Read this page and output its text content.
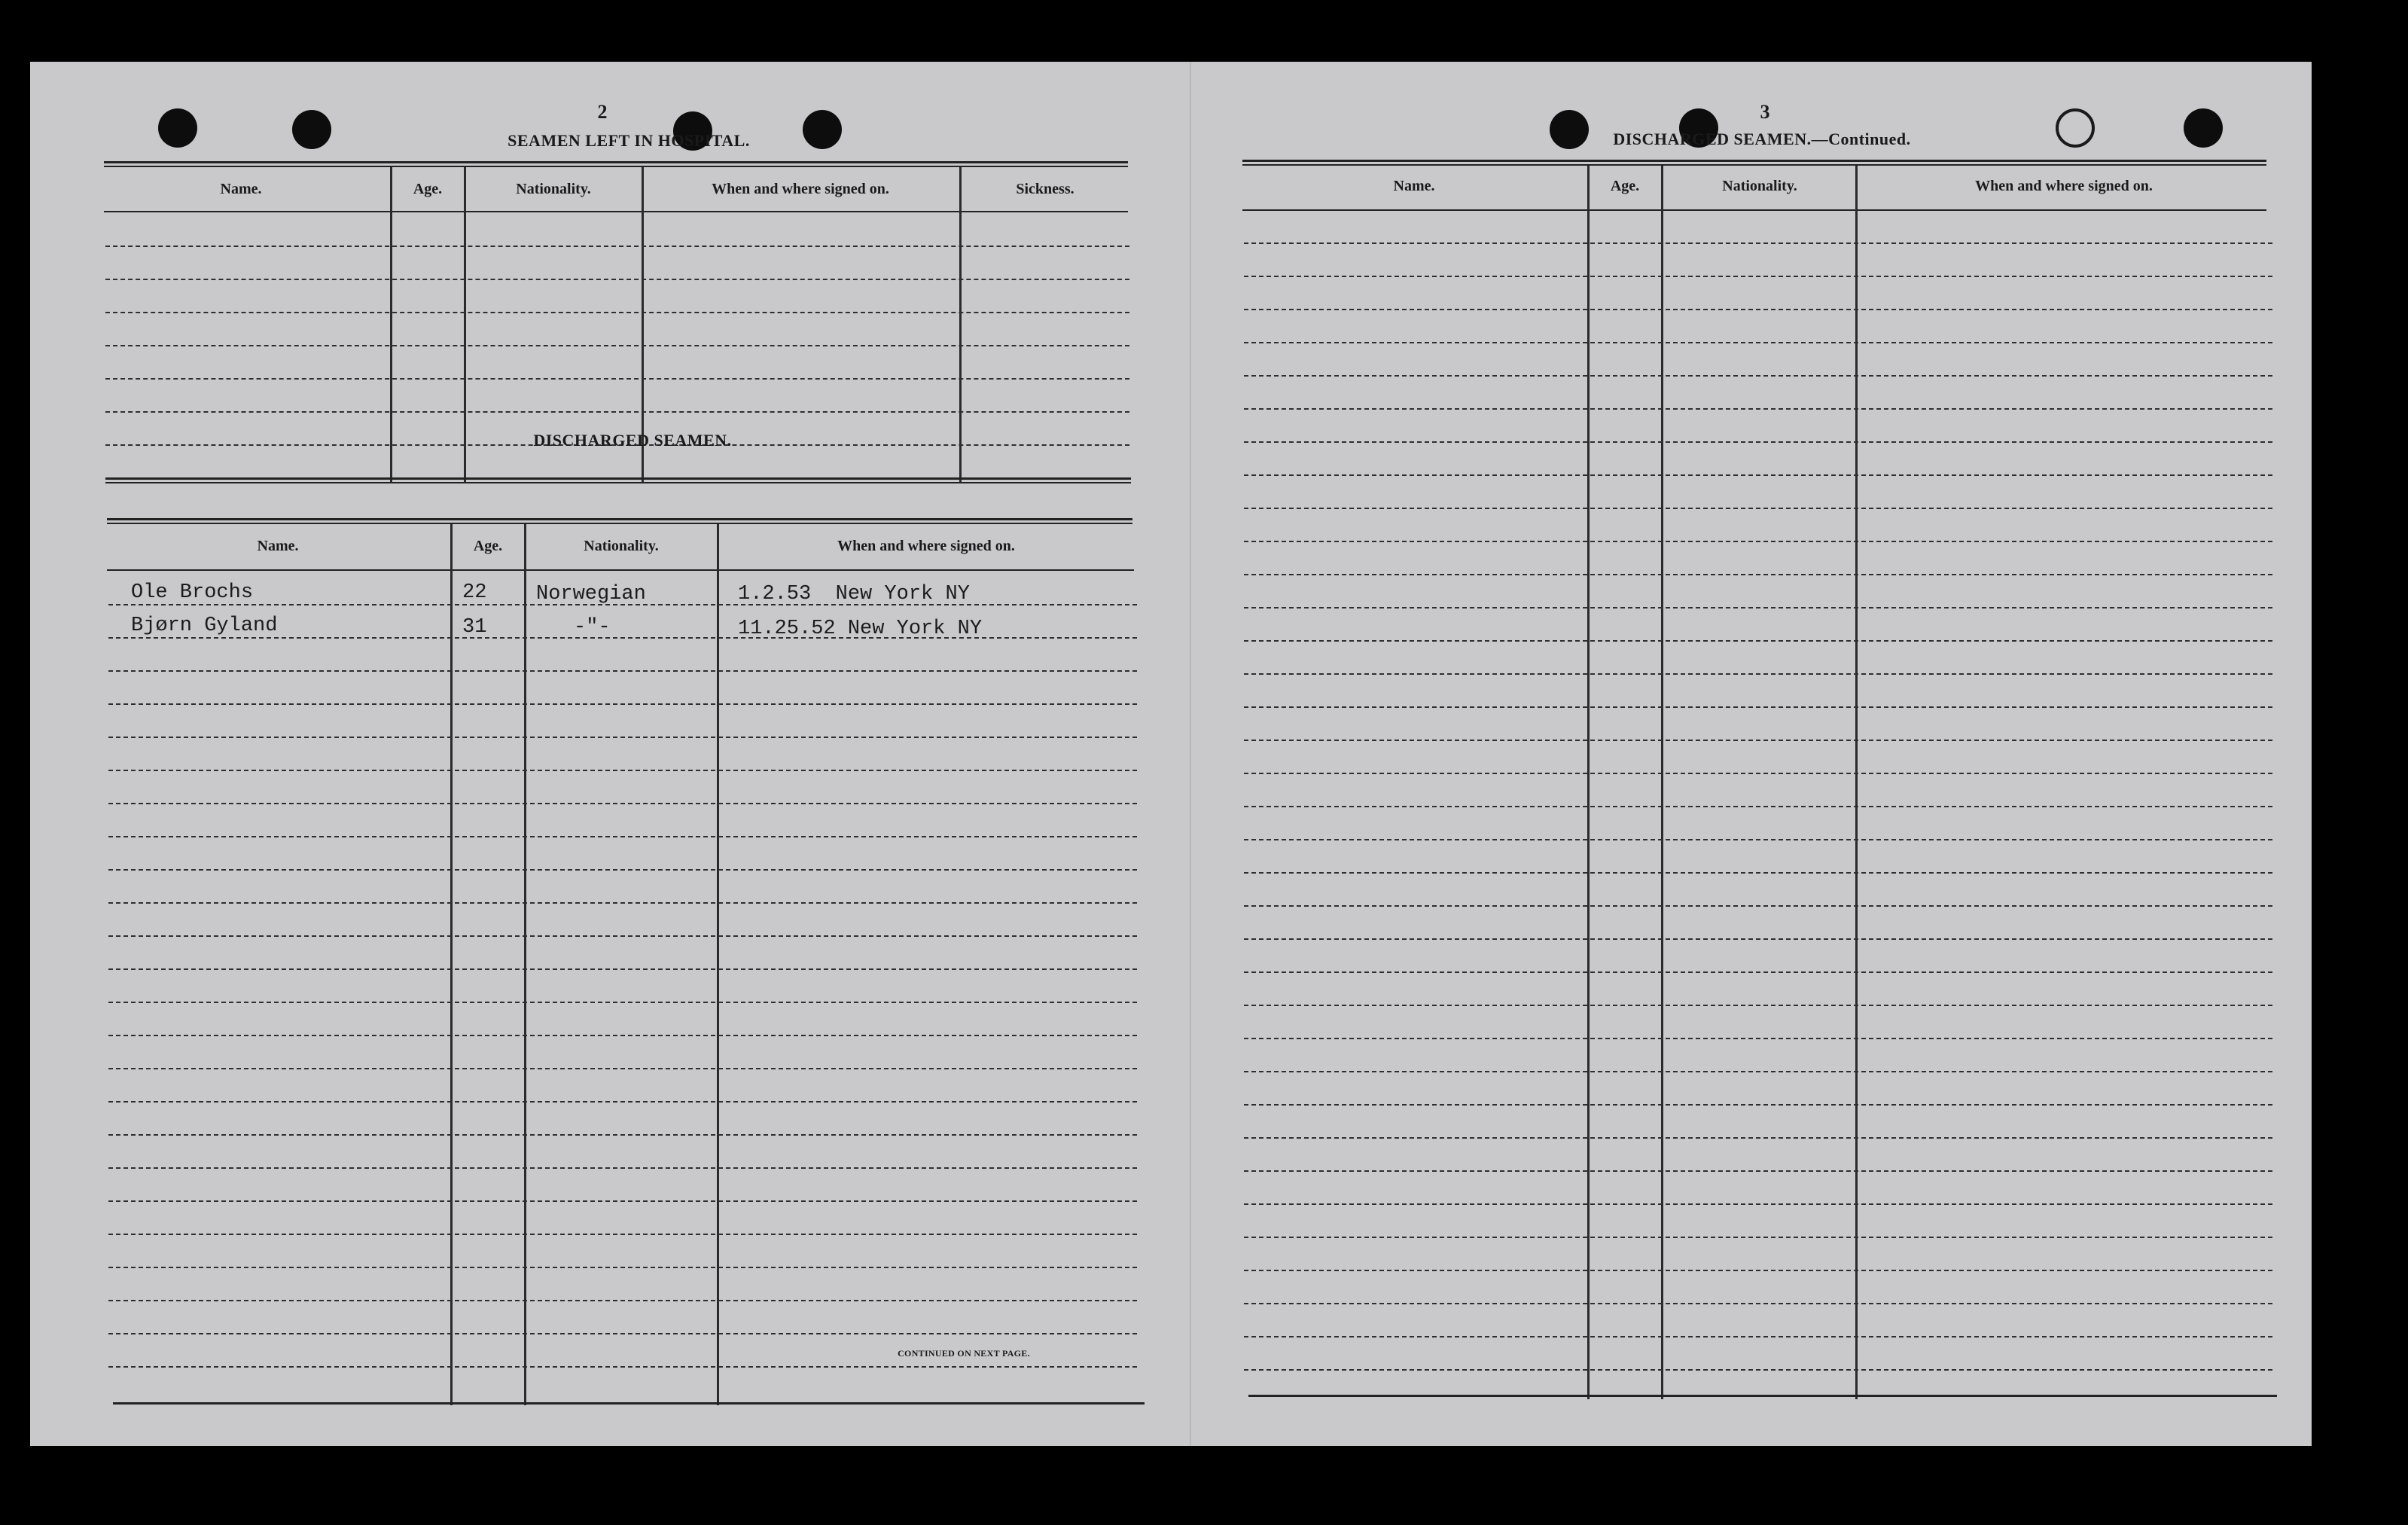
2
SEAMEN LEFT IN HOSPITAL.
Name.	Age.	Nationality.	When and where signed on.	Sickness.
DISCHARGED SEAMEN.
Name.	Age.	Nationality.	When and where signed on.
Ole Brochs	22 Norwegian	1.2.53  New York NY
Bjørn Gyland	31	-"-	11.25.52 New York NY
CONTINUED ON NEXT PAGE.
3
DISCHARGED SEAMEN.—Continued.
Name.	Age.	Nationality.	When and where signed on.
